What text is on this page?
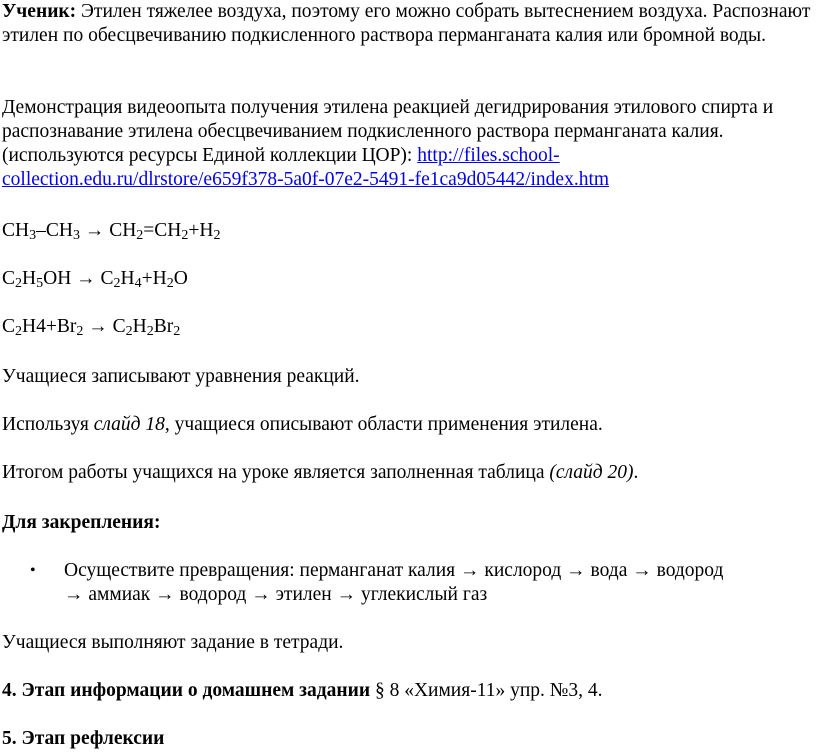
Ученик: Этилен тяжелее воздуха, поэтому его можно собрать вытеснением воздуха. Распознают этилен по обесцвечиванию подкисленного раствора перманганата калия или бромной воды.

Демонстрация видеоопыта получения этилена реакцией дегидрирования этилового спирта и распознавание этилена обесцвечиванием подкисленного раствора перманганата калия. (используются ресурсы Единой коллекции ЦОР): http://files.school-collection.edu.ru/dlrstore/e659f378-5a0f-07e2-5491-fe1ca9d05442/index.htm

$CH_3-CH_3 \to CH_2=CH_2+H_2$

$C_2H_5OH \to C_2H_4+H_2O$

$C_2H4+Br_2 \to C_2H_2Br_2$

Учащиеся записывают уравнения реакций.

Используя слайд 18, учащиеся описывают области применения этилена.

Итогом работы учащихся на уроке является заполненная таблица (слайд 20).

Для закрепления:

• Осуществите превращения: перманганат калия → кислород → вода → водород
→ аммиак → водород → этилен → углекислый газ

Учащиеся выполняют задание в тетради.

4. Этап информации о домашнем задании § 8 «Химия-11» упр. №3, 4.

5. Этап рефлексии
